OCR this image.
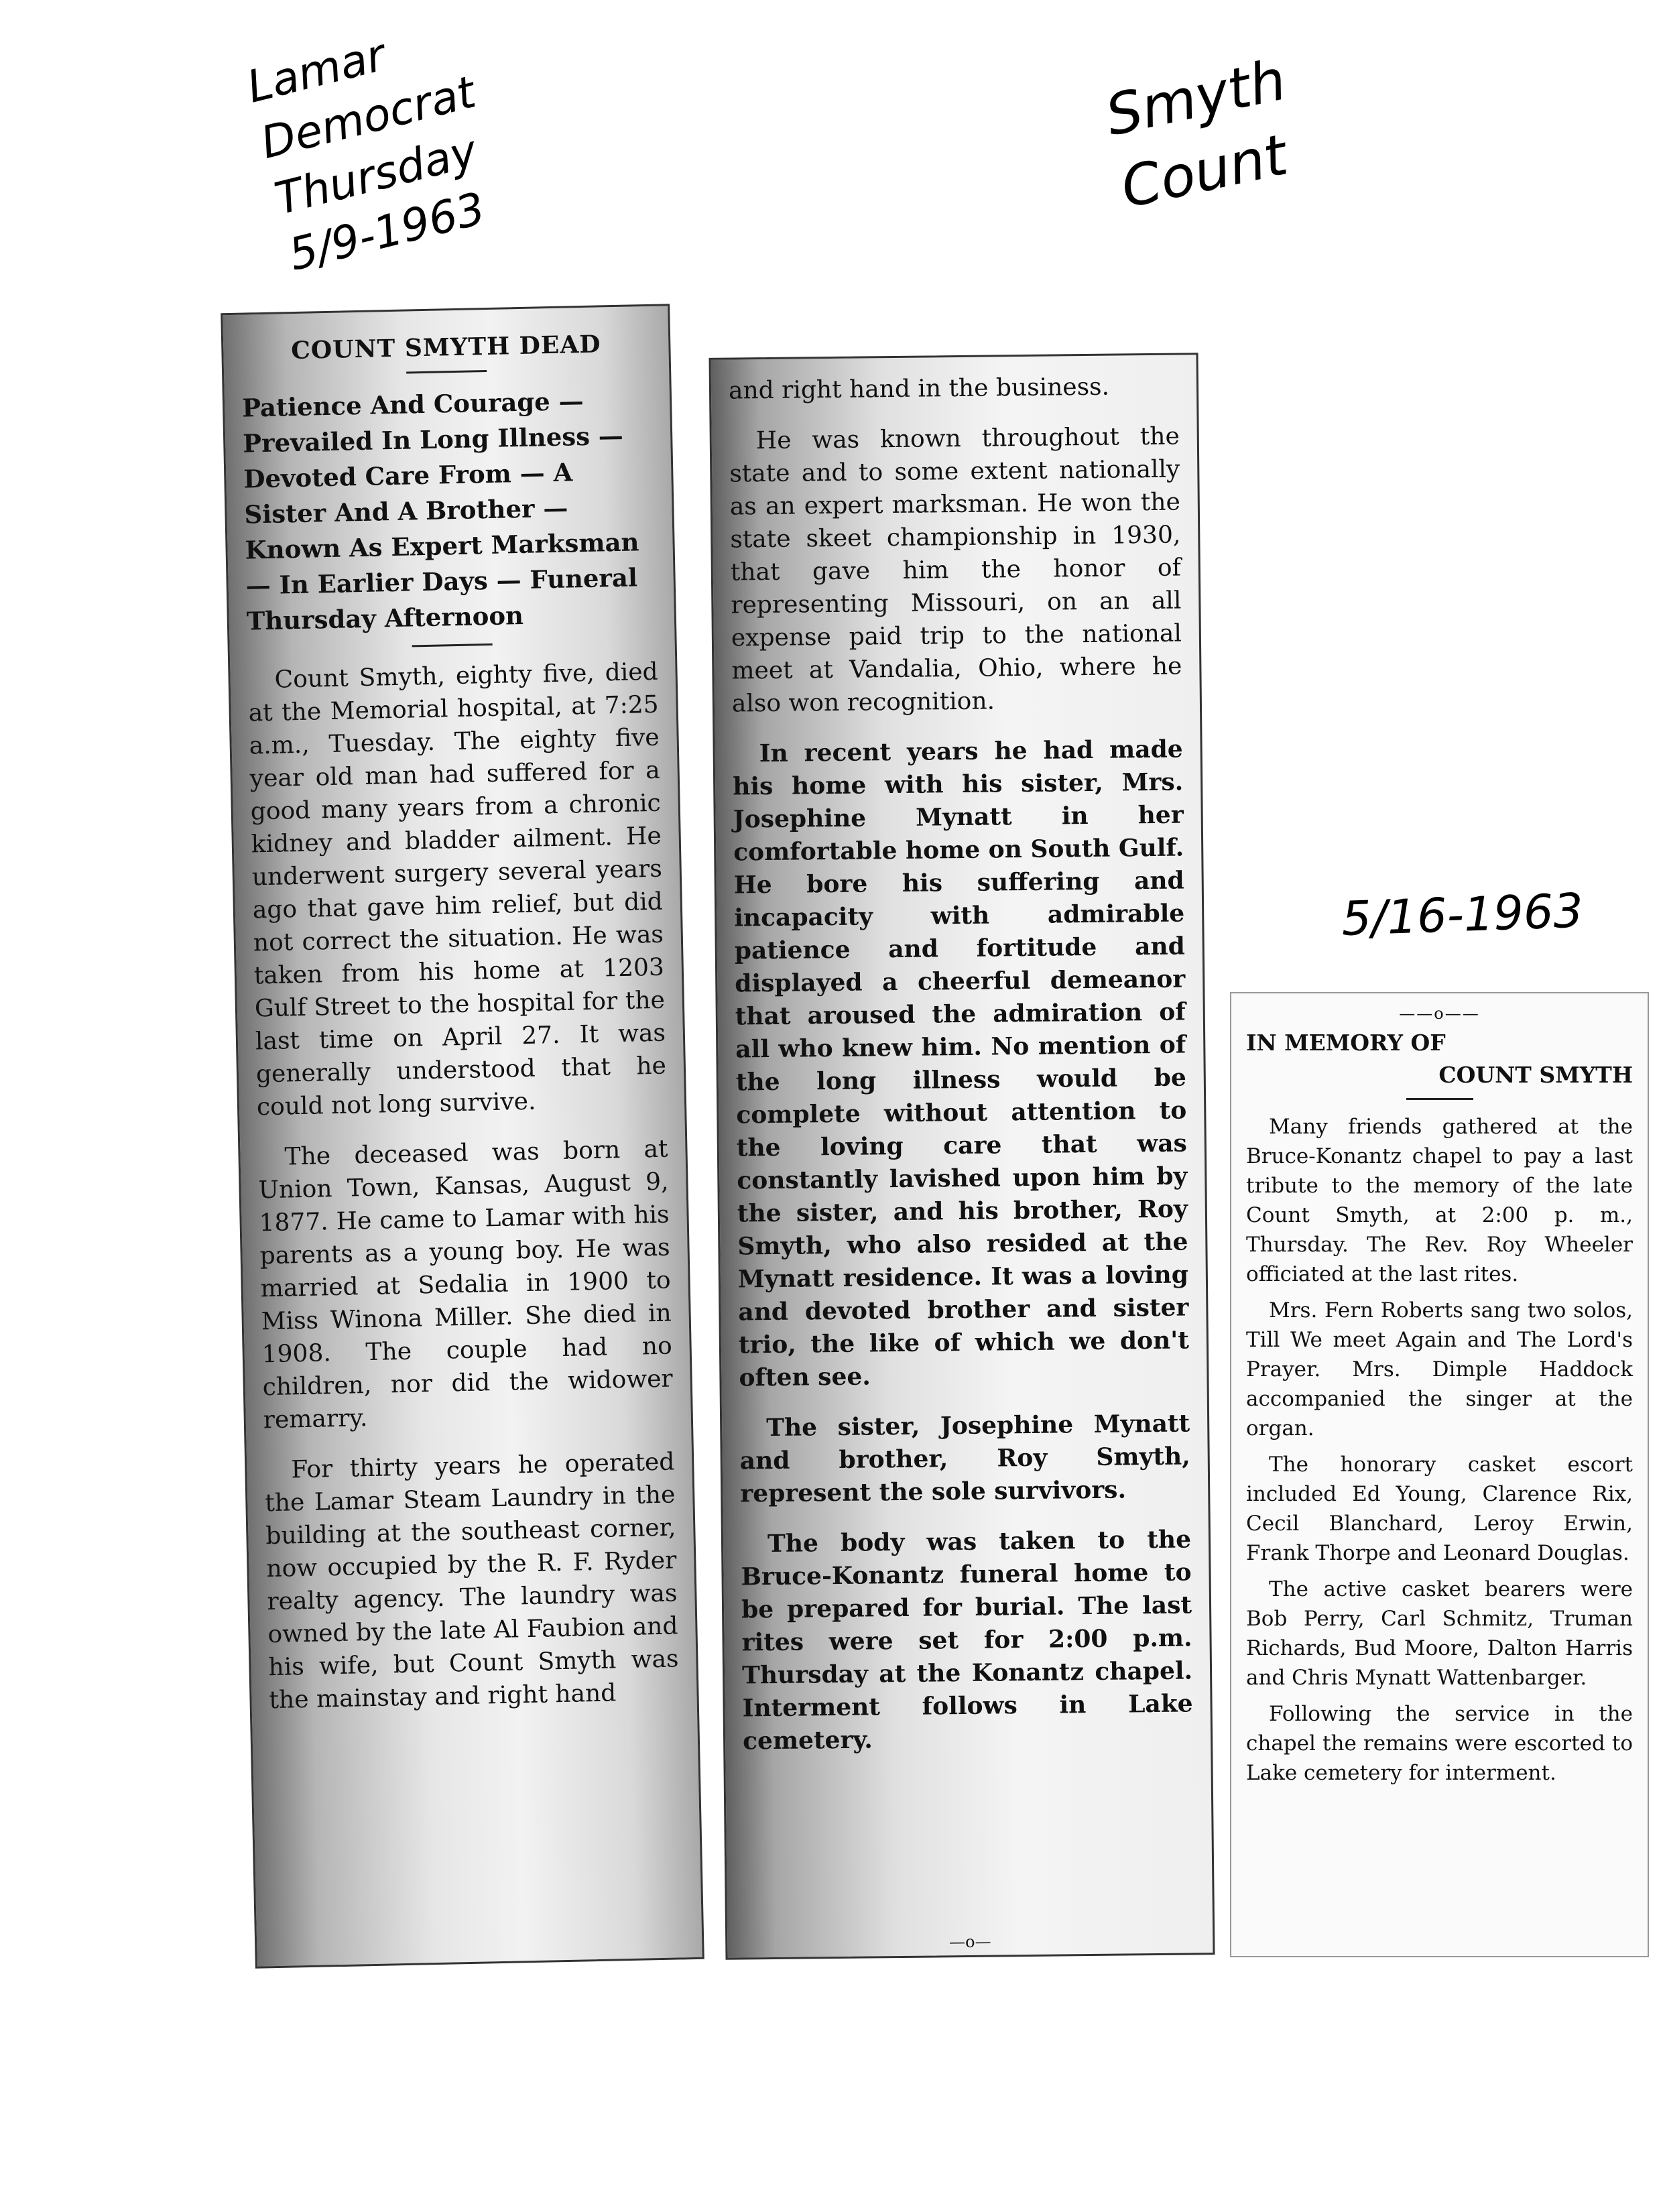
Lamar
Democrat
Thursday
5/9-1963
Smyth
Count
5/16-1963
COUNT SMYTH DEAD
Patience And Courage — Prevailed In Long Illness — Devoted Care From — A Sister And A Brother — Known As Expert Marksman — In Earlier Days — Funeral Thursday Afternoon

Count Smyth, eighty five, died at the Memorial hospital, at 7:25 a.m., Tuesday. The eighty five year old man had suffered for a good many years from a chronic kidney and bladder ailment. He underwent surgery several years ago that gave him relief, but did not correct the situation. He was taken from his home at 1203 Gulf Street to the hospital for the last time on April 27. It was generally understood that he could not long survive.

The deceased was born at Union Town, Kansas, August 9, 1877. He came to Lamar with his parents as a young boy. He was married at Sedalia in 1900 to Miss Winona Miller. She died in 1908. The couple had no children, nor did the widower remarry.

For thirty years he operated the Lamar Steam Laundry in the building at the southeast corner, now occupied by the R. F. Ryder realty agency. The laundry was owned by the late Al Faubion and his wife, but Count Smyth was the mainstay and right hand

and right hand in the business.

He was known throughout the state and to some extent nationally as an expert marksman. He won the state skeet championship in 1930, that gave him the honor of representing Missouri, on an all expense paid trip to the national meet at Vandalia, Ohio, where he also won recognition.

In recent years he had made his home with his sister, Mrs. Josephine Mynatt in her comfortable home on South Gulf. He bore his suffering and incapacity with admirable patience and fortitude and displayed a cheerful demeanor that aroused the admiration of all who knew him. No mention of the long illness would be complete without attention to the loving care that was constantly lavished upon him by the sister, and his brother, Roy Smyth, who also resided at the Mynatt residence. It was a loving and devoted brother and sister trio, the like of which we don't often see.

The sister, Josephine Mynatt and brother, Roy Smyth, represent the sole survivors.

The body was taken to the Bruce-Konantz funeral home to be prepared for burial. The last rites were set for 2:00 p.m. Thursday at the Konantz chapel. Interment follows in Lake cemetery.

—o—
——o——
IN MEMORY OF
COUNT SMYTH

Many friends gathered at the Bruce-Konantz chapel to pay a last tribute to the memory of the late Count Smyth, at 2:00 p. m., Thursday. The Rev. Roy Wheeler officiated at the last rites.

Mrs. Fern Roberts sang two solos, Till We meet Again and The Lord's Prayer. Mrs. Dimple Haddock accompanied the singer at the organ.

The honorary casket escort included Ed Young, Clarence Rix, Cecil Blanchard, Leroy Erwin, Frank Thorpe and Leonard Douglas.

The active casket bearers were Bob Perry, Carl Schmitz, Truman Richards, Bud Moore, Dalton Harris and Chris Mynatt Wattenbarger.

Following the service in the chapel the remains were escorted to Lake cemetery for interment.
